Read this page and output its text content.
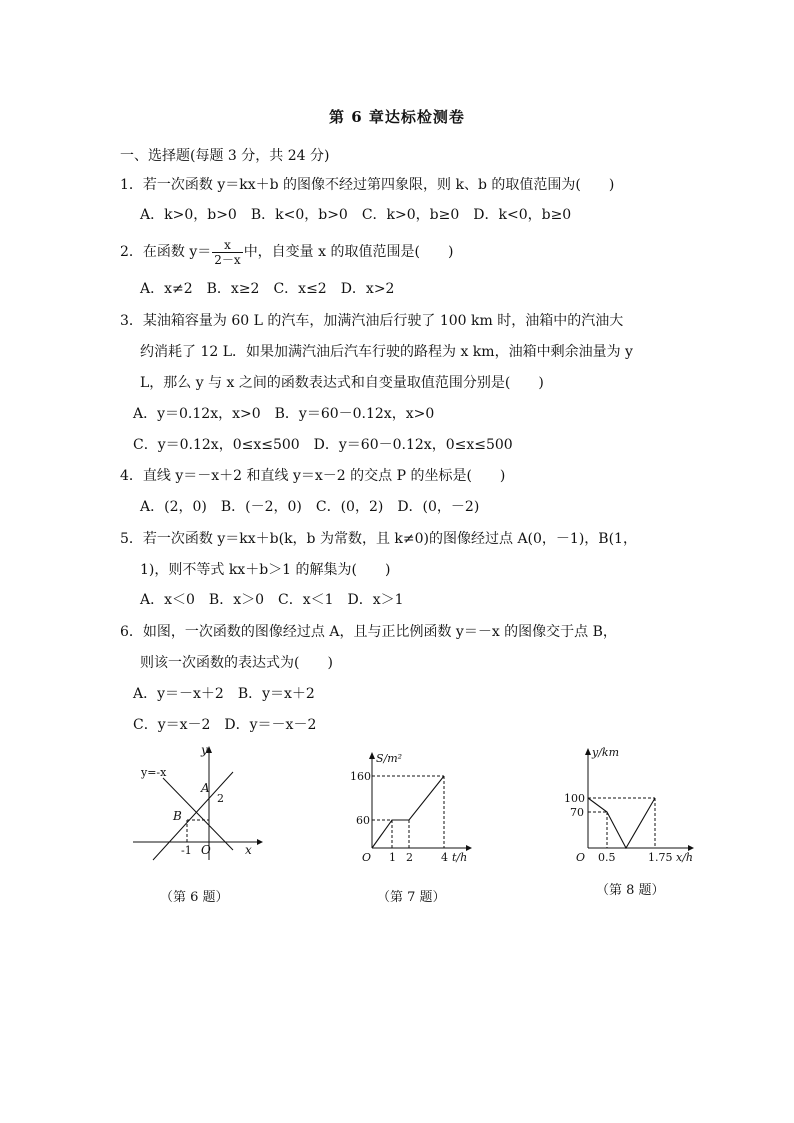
第 6 章达标检测卷
一、选择题(每题 3 分，共 24 分)
1．若一次函数 y＝kx＋b 的图像不经过第四象限，则 k、b 的取值范围为(　　)
A．k>0，b>0　B．k<0，b>0　C．k>0，b≥0　D．k<0，b≥0
2．在函数 $y= \frac{x}{2-x}$ 中，自变量 x 的取值范围是(　　)
A．x≠2　B．x≥2　C．x≤2　D．x>2
3．某油箱容量为 60 L 的汽车，加满汽油后行驶了 100 km 时，油箱中的汽油大
约消耗了 12 L．如果加满汽油后汽车行驶的路程为 x km，油箱中剩余油量为 y
L，那么 y 与 x 之间的函数表达式和自变量取值范围分别是(　　)
A．y＝0.12x，x>0　B．y＝60－0.12x，x>0
C．y＝0.12x，0≤x≤500　D．y＝60－0.12x，0≤x≤500
4．直线 y＝－x＋2 和直线 y＝x－2 的交点 P 的坐标是(　　)
A．(2，0)　B．(－2，0)　C．(0，2)　D．(0，－2)
5．若一次函数 y＝kx＋b(k，b 为常数，且 k≠0)的图像经过点 A(0，－1)，B(1，
1)，则不等式 kx＋b＞1 的解集为(　　)
A．x＜0　B．x＞0　C．x＜1　D．x＞1
6．如图，一次函数的图像经过点 A，且与正比例函数 y＝－x 的图像交于点 B，
则该一次函数的表达式为(　　)
A．y＝－x＋2　B．y＝x＋2
C．y＝x－2　D．y＝－x－2
y
x
y=-x
A
B
2
-1 O
（第 6 题）
S/m²
t/h
160
60
O 1 2	4
（第 7 题）
y/km
x/h
100
70
O 0.5	1.75
（第 8 题）
